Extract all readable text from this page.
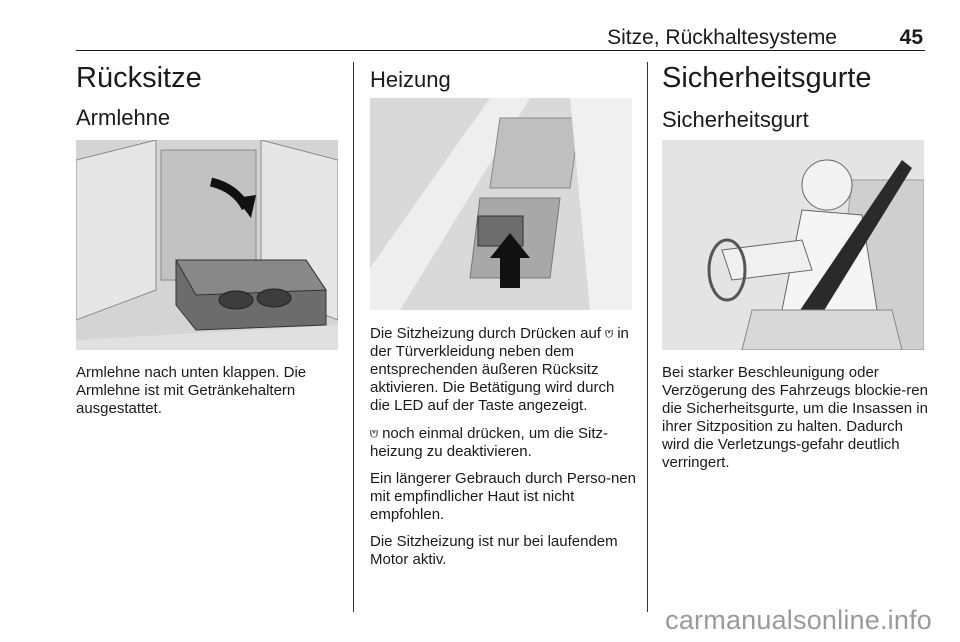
Sitze, Rückhaltesysteme	45
Rücksitze
Armlehne

Armlehne nach unten klappen. Die Armlehne ist mit Getränkehaltern ausgestattet.

Heizung

Die Sitzheizung durch Drücken auf ⩅ in der Türverkleidung neben dem entsprechenden äußeren Rücksitz aktivieren. Die Betätigung wird durch die LED auf der Taste angezeigt.

⩅ noch einmal drücken, um die Sitz-heizung zu deaktivieren.

Ein längerer Gebrauch durch Perso-nen mit empfindlicher Haut ist nicht empfohlen.

Die Sitzheizung ist nur bei laufendem Motor aktiv.

Sicherheitsgurte
Sicherheitsgurt

Bei starker Beschleunigung oder Verzögerung des Fahrzeugs blockie-ren die Sicherheitsgurte, um die Insassen in ihrer Sitzposition zu halten. Dadurch wird die Verletzungs-gefahr deutlich verringert.

carmanualsonline.info
